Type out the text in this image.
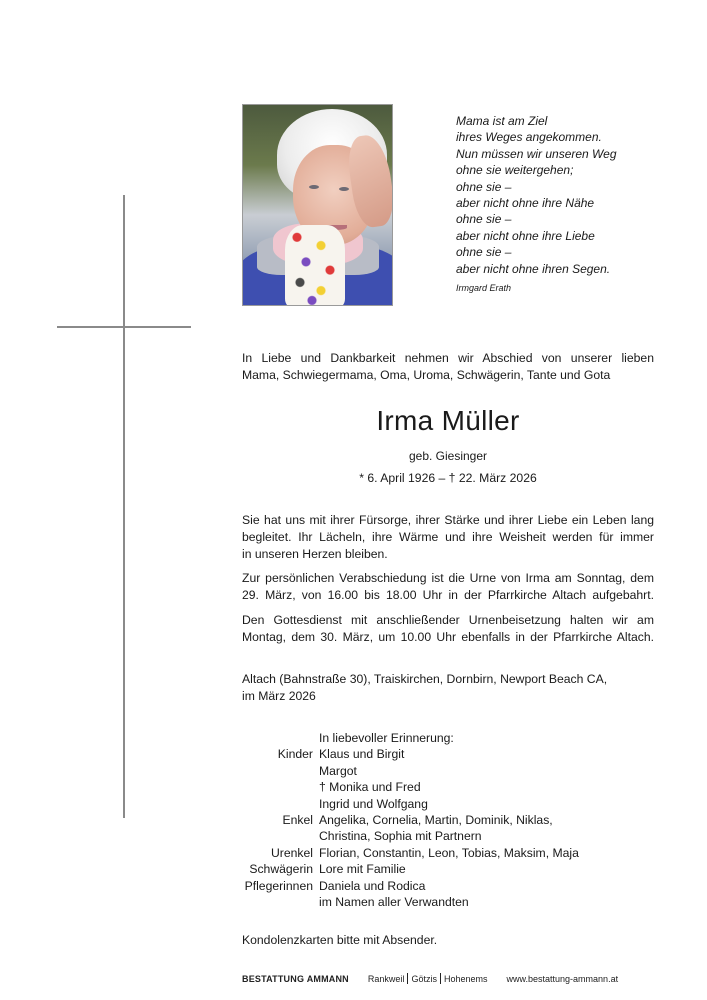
Mama ist am Ziel
ihres Weges angekommen.
Nun müssen wir unseren Weg
ohne sie weitergehen;
ohne sie –
aber nicht ohne ihre Nähe
ohne sie –
aber nicht ohne ihre Liebe
ohne sie –
aber nicht ohne ihren Segen.
Irmgard Erath
In Liebe und Dankbarkeit nehmen wir Abschied von unserer lieben
Mama, Schwiegermama, Oma, Uroma, Schwägerin, Tante und Gota
Irma Müller
geb. Giesinger
* 6. April 1926 – † 22. März 2026
Sie hat uns mit ihrer Fürsorge, ihrer Stärke und ihrer Liebe ein Leben lang
begleitet. Ihr Lächeln, ihre Wärme und ihre Weisheit werden für immer
in unseren Herzen bleiben.
Zur persönlichen Verabschiedung ist die Urne von Irma am Sonntag, dem
29. März, von 16.00 bis 18.00 Uhr in der Pfarrkirche Altach aufgebahrt.
Den Gottesdienst mit anschließender Urnenbeisetzung halten wir am
Montag, dem 30. März, um 10.00 Uhr ebenfalls in der Pfarrkirche Altach.
Altach (Bahnstraße 30), Traiskirchen, Dornbirn, Newport Beach CA,
im März 2026
In liebevoller Erinnerung:
Kinder Klaus und Birgit
Margot
† Monika und Fred
Ingrid und Wolfgang
Enkel Angelika, Cornelia, Martin, Dominik, Niklas,
Christina, Sophia mit Partnern
Urenkel Florian, Constantin, Leon, Tobias, Maksim, Maja
Schwägerin Lore mit Familie
Pflegerinnen Daniela und Rodica
im Namen aller Verwandten
Kondolenzkarten bitte mit Absender.
BESTATTUNG AMMANN Rankweil Götzis Hohenems www.bestattung-ammann.at
